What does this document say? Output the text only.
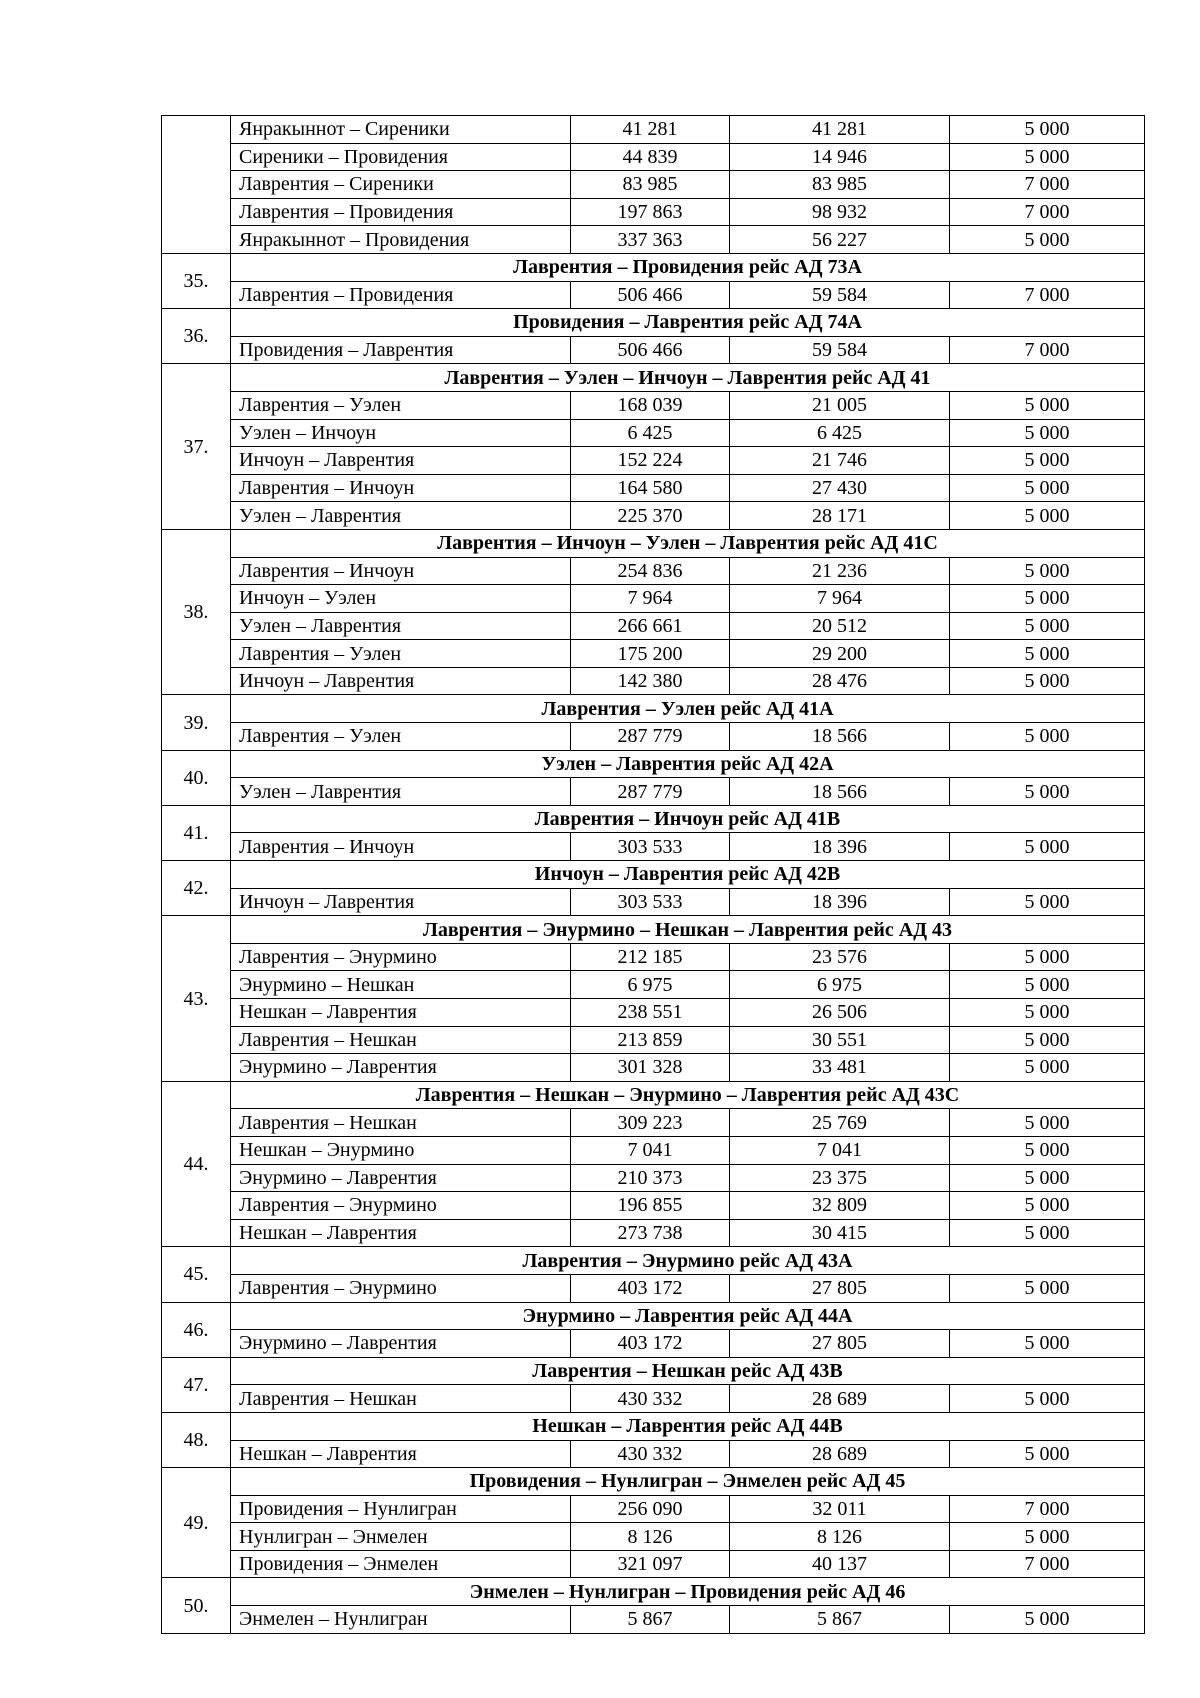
	Янракыннот – Сиреники	41 281	41 281	5 000
	Сиреники – Провидения	44 839	14 946	5 000
	Лаврентия – Сиреники	83 985	83 985	7 000
	Лаврентия – Провидения	197 863	98 932	7 000
	Янракыннот – Провидения	337 363	56 227	5 000
35.	Лаврентия – Провидения рейс АД 73А			
	Лаврентия – Провидения	506 466	59 584	7 000
36.	Провидения – Лаврентия рейс АД 74А			
	Провидения – Лаврентия	506 466	59 584	7 000
37.	Лаврентия – Уэлен – Инчоун – Лаврентия рейс АД 41			
	Лаврентия – Уэлен	168 039	21 005	5 000
	Уэлен – Инчоун	6 425	6 425	5 000
	Инчоун – Лаврентия	152 224	21 746	5 000
	Лаврентия – Инчоун	164 580	27 430	5 000
	Уэлен – Лаврентия	225 370	28 171	5 000
38.	Лаврентия – Инчоун – Уэлен – Лаврентия рейс АД 41С			
	Лаврентия – Инчоун	254 836	21 236	5 000
	Инчоун – Уэлен	7 964	7 964	5 000
	Уэлен – Лаврентия	266 661	20 512	5 000
	Лаврентия – Уэлен	175 200	29 200	5 000
	Инчоун – Лаврентия	142 380	28 476	5 000
39.	Лаврентия – Уэлен рейс АД 41А			
	Лаврентия – Уэлен	287 779	18 566	5 000
40.	Уэлен – Лаврентия рейс АД 42А			
	Уэлен – Лаврентия	287 779	18 566	5 000
41.	Лаврентия – Инчоун рейс АД 41В			
	Лаврентия – Инчоун	303 533	18 396	5 000
42.	Инчоун – Лаврентия рейс АД 42В			
	Инчоун – Лаврентия	303 533	18 396	5 000
43.	Лаврентия – Энурмино – Нешкан – Лаврентия рейс АД 43			
	Лаврентия – Энурмино	212 185	23 576	5 000
	Энурмино – Нешкан	6 975	6 975	5 000
	Нешкан – Лаврентия	238 551	26 506	5 000
	Лаврентия – Нешкан	213 859	30 551	5 000
	Энурмино – Лаврентия	301 328	33 481	5 000
44.	Лаврентия – Нешкан – Энурмино – Лаврентия рейс АД 43С			
	Лаврентия – Нешкан	309 223	25 769	5 000
	Нешкан – Энурмино	7 041	7 041	5 000
	Энурмино – Лаврентия	210 373	23 375	5 000
	Лаврентия – Энурмино	196 855	32 809	5 000
	Нешкан – Лаврентия	273 738	30 415	5 000
45.	Лаврентия – Энурмино рейс АД 43А			
	Лаврентия – Энурмино	403 172	27 805	5 000
46.	Энурмино – Лаврентия рейс АД 44А			
	Энурмино – Лаврентия	403 172	27 805	5 000
47.	Лаврентия – Нешкан рейс АД 43В			
	Лаврентия – Нешкан	430 332	28 689	5 000
48.	Нешкан – Лаврентия рейс АД 44В			
	Нешкан – Лаврентия	430 332	28 689	5 000
49.	Провидения – Нунлигран – Энмелен рейс АД 45			
	Провидения – Нунлигран	256 090	32 011	7 000
	Нунлигран – Энмелен	8 126	8 126	5 000
	Провидения – Энмелен	321 097	40 137	7 000
50.	Энмелен – Нунлигран – Провидения рейс АД 46			
	Энмелен – Нунлигран	5 867	5 867	5 000
